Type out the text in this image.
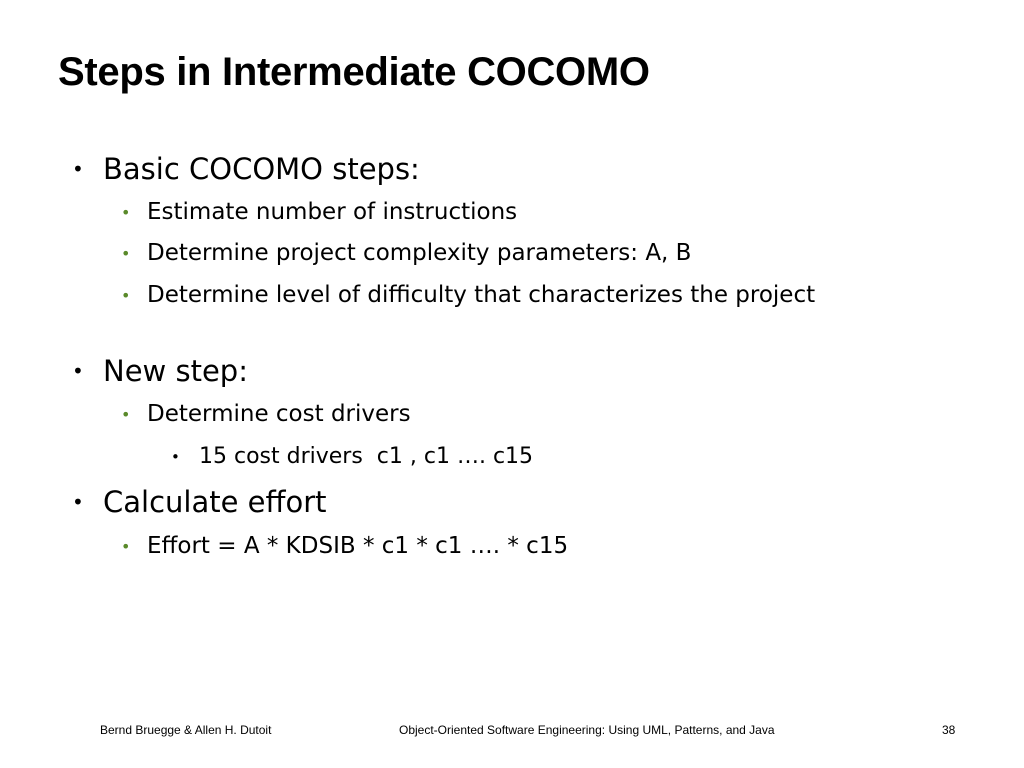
Steps in Intermediate COCOMO
• Basic COCOMO steps:
• Estimate number of instructions
• Determine project complexity parameters: A, B
• Determine level of difficulty that characterizes the project
• New step:
• Determine cost drivers
• 15 cost drivers  c1 , c1 …. c15
• Calculate effort
• Effort = A * KDSIB * c1 * c1 …. * c15
Bernd Bruegge & Allen H. Dutoit	Object-Oriented Software Engineering: Using UML, Patterns, and Java	38
